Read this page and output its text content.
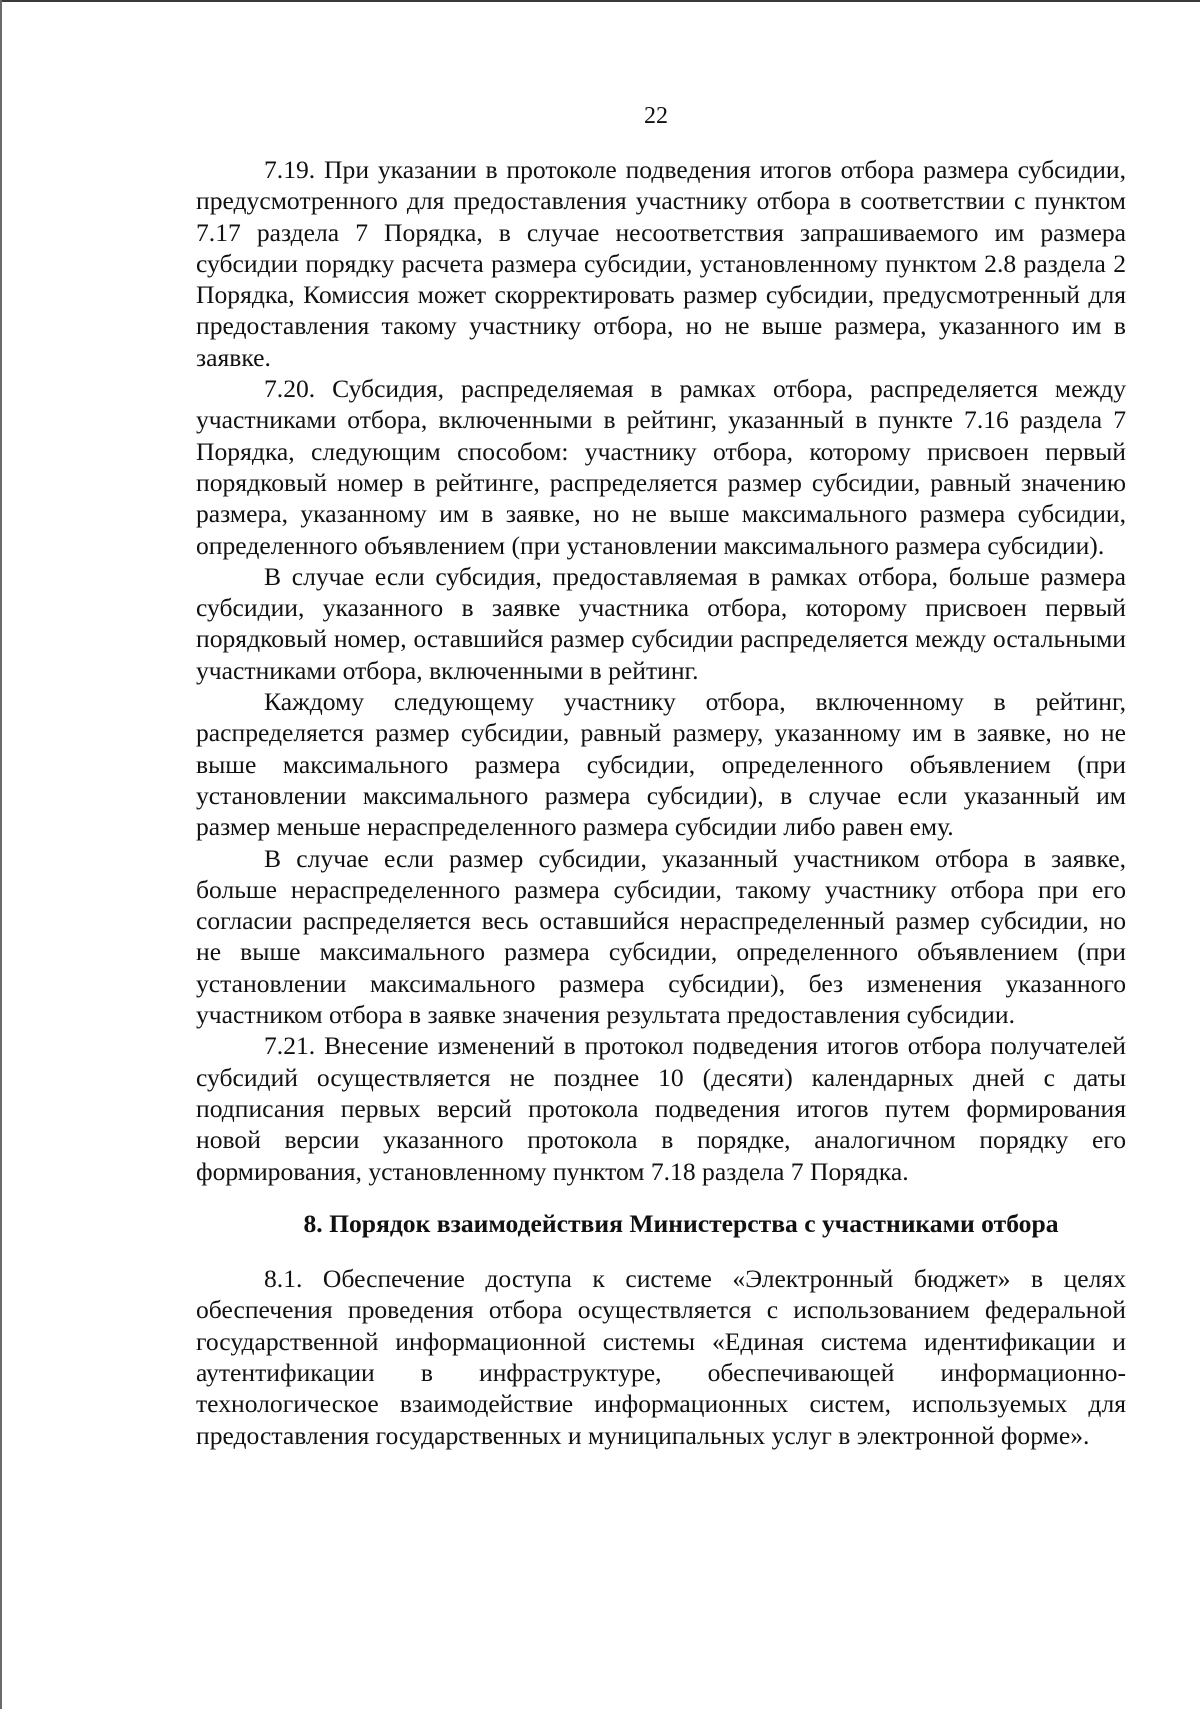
22

7.19. При указании в протоколе подведения итогов отбора размера субсидии, предусмотренного для предоставления участнику отбора в соответствии с пунктом 7.17 раздела 7 Порядка, в случае несоответствия запрашиваемого им размера субсидии порядку расчета размера субсидии, установленному пунктом 2.8 раздела 2 Порядка, Комиссия может скорректировать размер субсидии, предусмотренный для предоставления такому участнику отбора, но не выше размера, указанного им в заявке.

7.20. Субсидия, распределяемая в рамках отбора, распределяется между участниками отбора, включенными в рейтинг, указанный в пункте 7.16 раздела 7 Порядка, следующим способом: участнику отбора, которому присвоен первый порядковый номер в рейтинге, распределяется размер субсидии, равный значению размера, указанному им в заявке, но не выше максимального размера субсидии, определенного объявлением (при установлении максимального размера субсидии).

В случае если субсидия, предоставляемая в рамках отбора, больше размера субсидии, указанного в заявке участника отбора, которому присвоен первый порядковый номер, оставшийся размер субсидии распределяется между остальными участниками отбора, включенными в рейтинг.

Каждому следующему участнику отбора, включенному в рейтинг, распределяется размер субсидии, равный размеру, указанному им в заявке, но не выше максимального размера субсидии, определенного объявлением (при установлении максимального размера субсидии), в случае если указанный им размер меньше нераспределенного размера субсидии либо равен ему.

В случае если размер субсидии, указанный участником отбора в заявке, больше нераспределенного размера субсидии, такому участнику отбора при его согласии распределяется весь оставшийся нераспределенный размер субсидии, но не выше максимального размера субсидии, определенного объявлением (при установлении максимального размера субсидии), без изменения указанного участником отбора в заявке значения результата предоставления субсидии.

7.21. Внесение изменений в протокол подведения итогов отбора получателей субсидий осуществляется не позднее 10 (десяти) календарных дней с даты подписания первых версий протокола подведения итогов путем формирования новой версии указанного протокола в порядке, аналогичном порядку его формирования, установленному пунктом 7.18 раздела 7 Порядка.

8. Порядок взаимодействия Министерства с участниками отбора

8.1. Обеспечение доступа к системе «Электронный бюджет» в целях обеспечения проведения отбора осуществляется с использованием федеральной государственной информационной системы «Единая система идентификации и аутентификации в инфраструктуре, обеспечивающей информационно-технологическое взаимодействие информационных систем, используемых для предоставления государственных и муниципальных услуг в электронной форме».
